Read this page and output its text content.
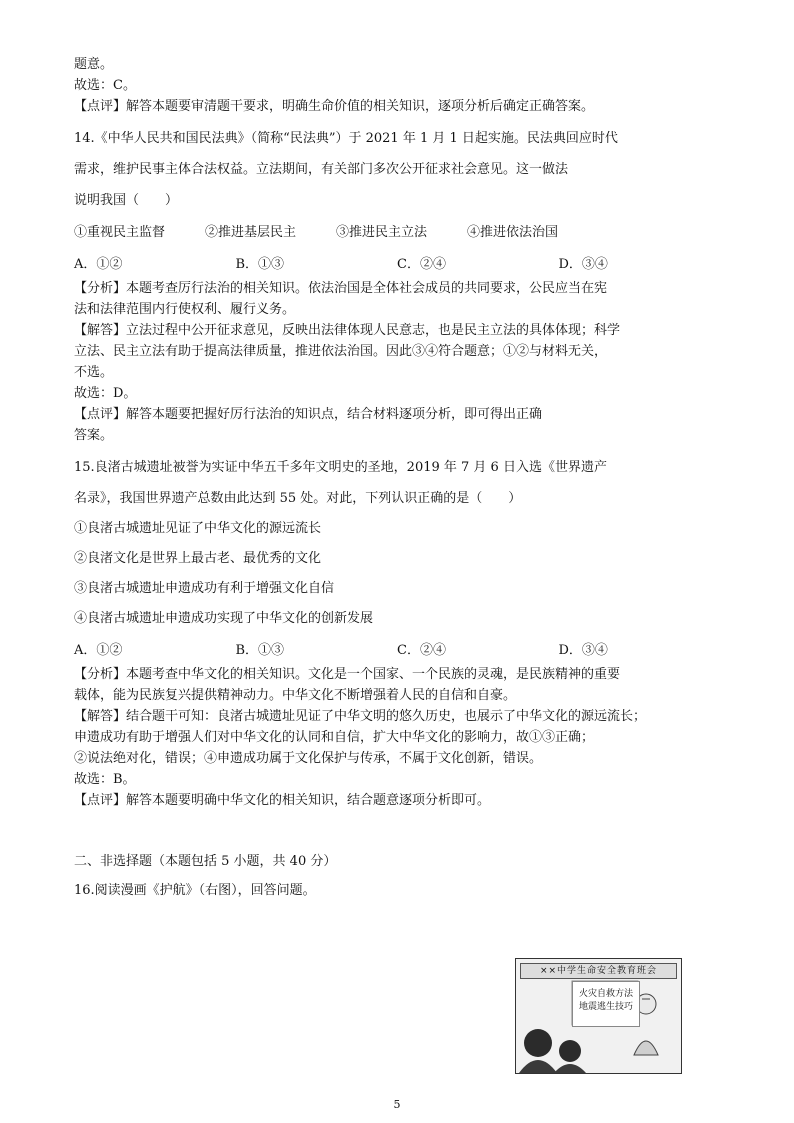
题意。
故选：C。
【点评】解答本题要审清题干要求，明确生命价值的相关知识，逐项分析后确定正确答案。

14.《中华人民共和国民法典》（简称“民法典”）于 2021 年 1 月 1 日起实施。民法典回应时代

需求，维护民事主体合法权益。立法期间，有关部门多次公开征求社会意见。这一做法

说明我国（　　）

①重视民主监督	②推进基层民主	③推进民主立法	④推进依法治国
A．①②	B．①③	C．②④	D．③④

【分析】本题考查厉行法治的相关知识。依法治国是全体社会成员的共同要求，公民应当在宪

法和法律范围内行使权利、履行义务。

【解答】立法过程中公开征求意见，反映出法律体现人民意志，也是民主立法的具体体现；科学

立法、民主立法有助于提高法律质量，推进依法治国。因此③④符合题意；①②与材料无关，

不选。

故选：D。

【点评】解答本题要把握好厉行法治的知识点，结合材料逐项分析，即可得出正确

答案。

15.良渚古城遗址被誉为实证中华五千多年文明史的圣地，2019 年 7 月 6 日入选《世界遗产

名录》，我国世界遗产总数由此达到 55 处。对此，下列认识正确的是（　　）

①良渚古城遗址见证了中华文化的源远流长

②良渚文化是世界上最古老、最优秀的文化

③良渚古城遗址申遗成功有利于增强文化自信

④良渚古城遗址申遗成功实现了中华文化的创新发展

A．①②	B．①③	C．②④	D．③④

【分析】本题考查中华文化的相关知识。文化是一个国家、一个民族的灵魂，是民族精神的重要

载体，能为民族复兴提供精神动力。中华文化不断增强着人民的自信和自豪。

【解答】结合题干可知：良渚古城遗址见证了中华文明的悠久历史，也展示了中华文化的源远流长；

申遗成功有助于增强人们对中华文化的认同和自信，扩大中华文化的影响力，故①③正确；

②说法绝对化，错误；④申遗成功属于文化保护与传承，不属于文化创新，错误。

故选：B。

【点评】解答本题要明确中华文化的相关知识，结合题意逐项分析即可。

二、非选择题（本题包括 5 小题，共 40 分）

16.阅读漫画《护航》（右图），回答问题。

××中学生命安全教育班会
火灾自救方法
地震逃生技巧
5
